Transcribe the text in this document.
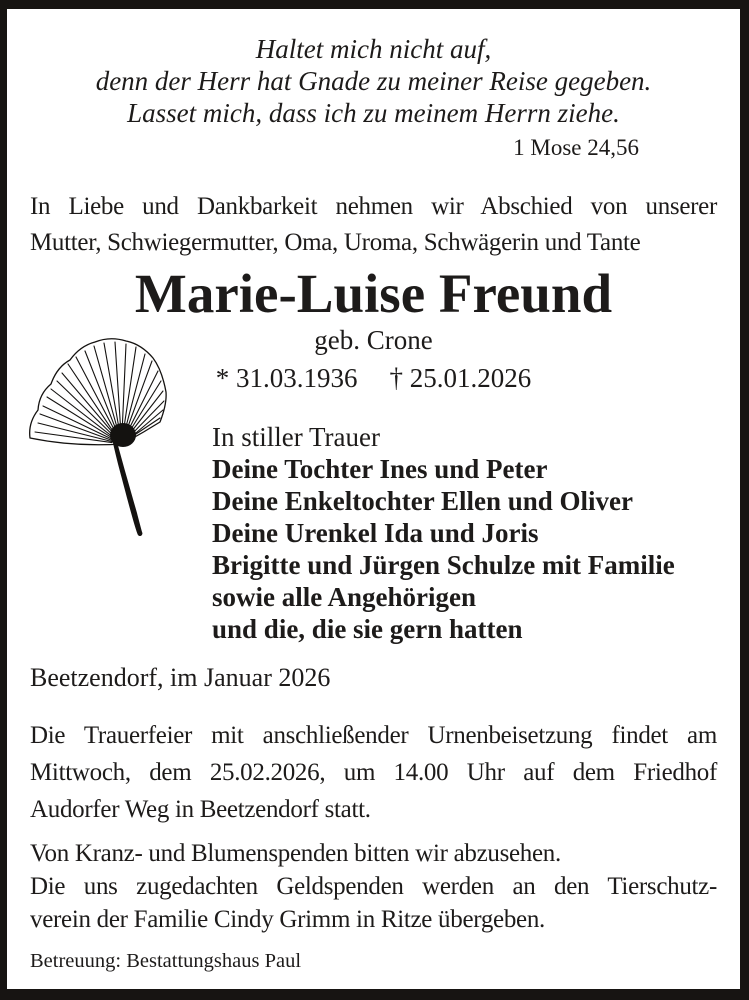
Haltet mich nicht auf,
denn der Herr hat Gnade zu meiner Reise gegeben.
Lasset mich, dass ich zu meinem Herrn ziehe.
1 Mose 24,56
In Liebe und Dankbarkeit nehmen wir Abschied von unserer
Mutter, Schwiegermutter, Oma, Uroma, Schwägerin und Tante
Marie-Luise Freund
geb. Crone
* 31.03.1936 † 25.01.2026
In stiller Trauer
Deine Tochter Ines und Peter
Deine Enkeltochter Ellen und Oliver
Deine Urenkel Ida und Joris
Brigitte und Jürgen Schulze mit Familie
sowie alle Angehörigen
und die, die sie gern hatten
Beetzendorf, im Januar 2026
Die Trauerfeier mit anschließender Urnenbeisetzung findet am
Mittwoch, dem 25.02.2026, um 14.00 Uhr auf dem Friedhof
Audorfer Weg in Beetzendorf statt.
Von Kranz- und Blumenspenden bitten wir abzusehen.
Die uns zugedachten Geldspenden werden an den Tierschutz-
verein der Familie Cindy Grimm in Ritze übergeben.
Betreuung: Bestattungshaus Paul
